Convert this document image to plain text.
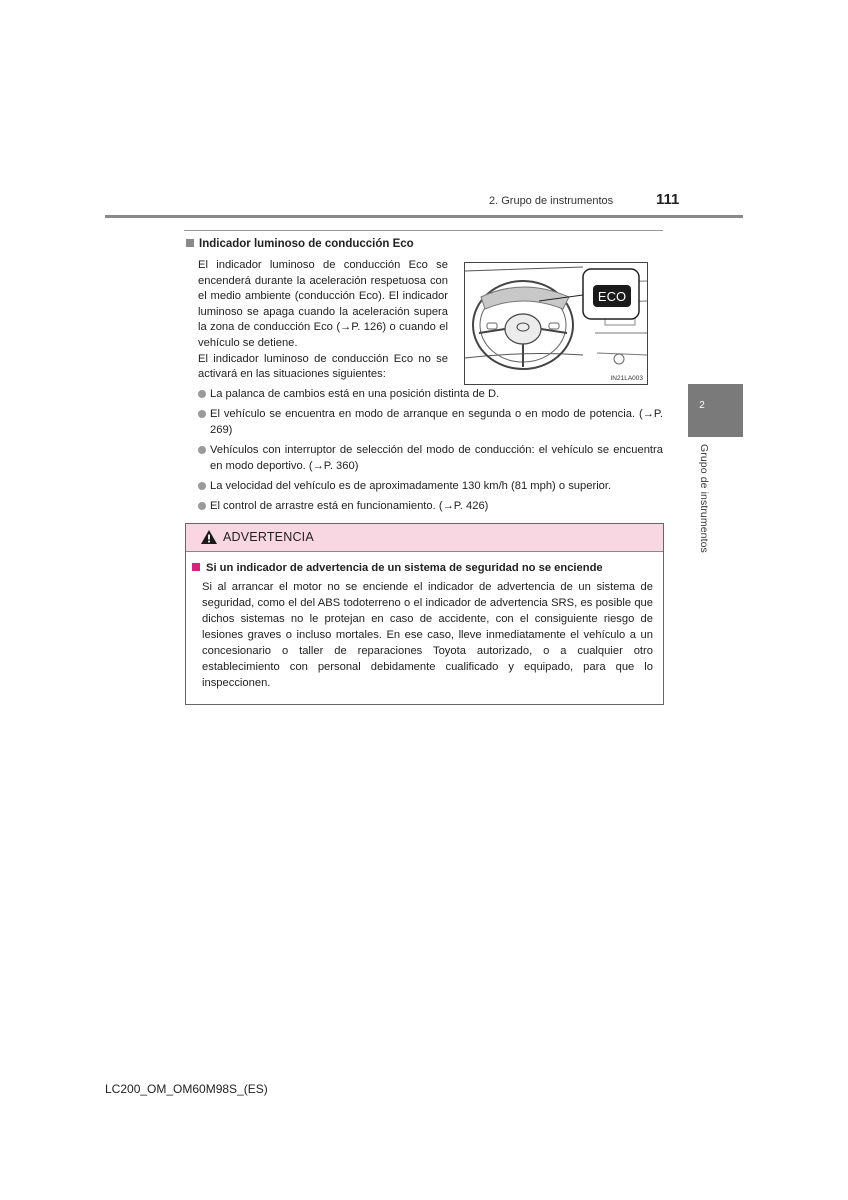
2. Grupo de instrumentos	111
2
Grupo de instrumentos
Indicador luminoso de conducción Eco

El indicador luminoso de conducción Eco se encenderá durante la aceleración respetuosa con el medio ambiente (conducción Eco). El indicador luminoso se apaga cuando la aceleración supera la zona de conducción Eco (→P. 126) o cuando el vehículo se detiene.

El indicador luminoso de conducción Eco no se activará en las situaciones siguientes:

ECO
IN21LA003
La palanca de cambios está en una posición distinta de D.
El vehículo se encuentra en modo de arranque en segunda o en modo de potencia. (→P. 269)
Vehículos con interruptor de selección del modo de conducción: el vehículo se encuentra en modo deportivo. (→P. 360)
La velocidad del vehículo es de aproximadamente 130 km/h (81 mph) o superior.
El control de arrastre está en funcionamiento. (→P. 426)
ADVERTENCIA
Si un indicador de advertencia de un sistema de seguridad no se enciende
Si al arrancar el motor no se enciende el indicador de advertencia de un sistema de seguridad, como el del ABS todoterreno o el indicador de advertencia SRS, es posible que dichos sistemas no le protejan en caso de accidente, con el consiguiente riesgo de lesiones graves o incluso mortales. En ese caso, lleve inmediatamente el vehículo a un concesionario o taller de reparaciones Toyota autorizado, o a cualquier otro establecimiento con personal debidamente cualificado y equipado, para que lo inspeccionen.
LC200_OM_OM60M98S_(ES)
